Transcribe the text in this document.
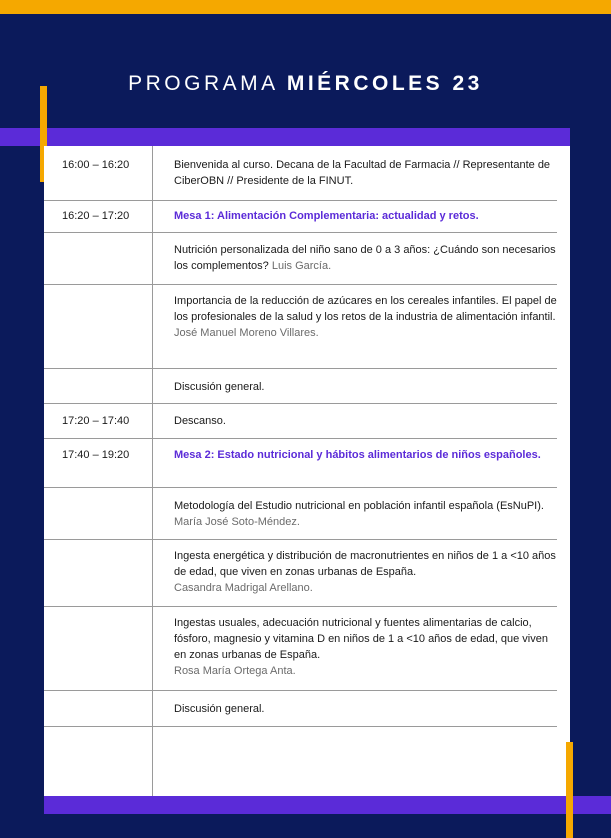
PROGRAMA MIÉRCOLES 23
16:00 – 16:20	Bienvenida al curso. Decana de la Facultad de Farmacia // Representante de CiberOBN // Presidente de la FINUT.
16:20 – 17:20	Mesa 1: Alimentación Complementaria: actualidad y retos.
Nutrición personalizada del niño sano de 0 a 3 años: ¿Cuándo son necesarios los complementos? Luis García.
Importancia de la reducción de azúcares en los cereales infantiles. El papel de los profesionales de la salud y los retos de la industria de alimentación infantil.
José Manuel Moreno Villares.
Discusión general.
17:20 – 17:40	Descanso.
17:40 – 19:20	Mesa 2: Estado nutricional y hábitos alimentarios de niños españoles.
Metodología del Estudio nutricional en población infantil española (EsNuPI). María José Soto-Méndez.
Ingesta energética y distribución de macronutrientes en niños de 1 a <10 años de edad, que viven en zonas urbanas de España.
Casandra Madrigal Arellano.
Ingestas usuales, adecuación nutricional y fuentes alimentarias de calcio, fósforo, magnesio y vitamina D en niños de 1 a <10 años de edad, que viven en zonas urbanas de España.
Rosa María Ortega Anta.
Discusión general.
